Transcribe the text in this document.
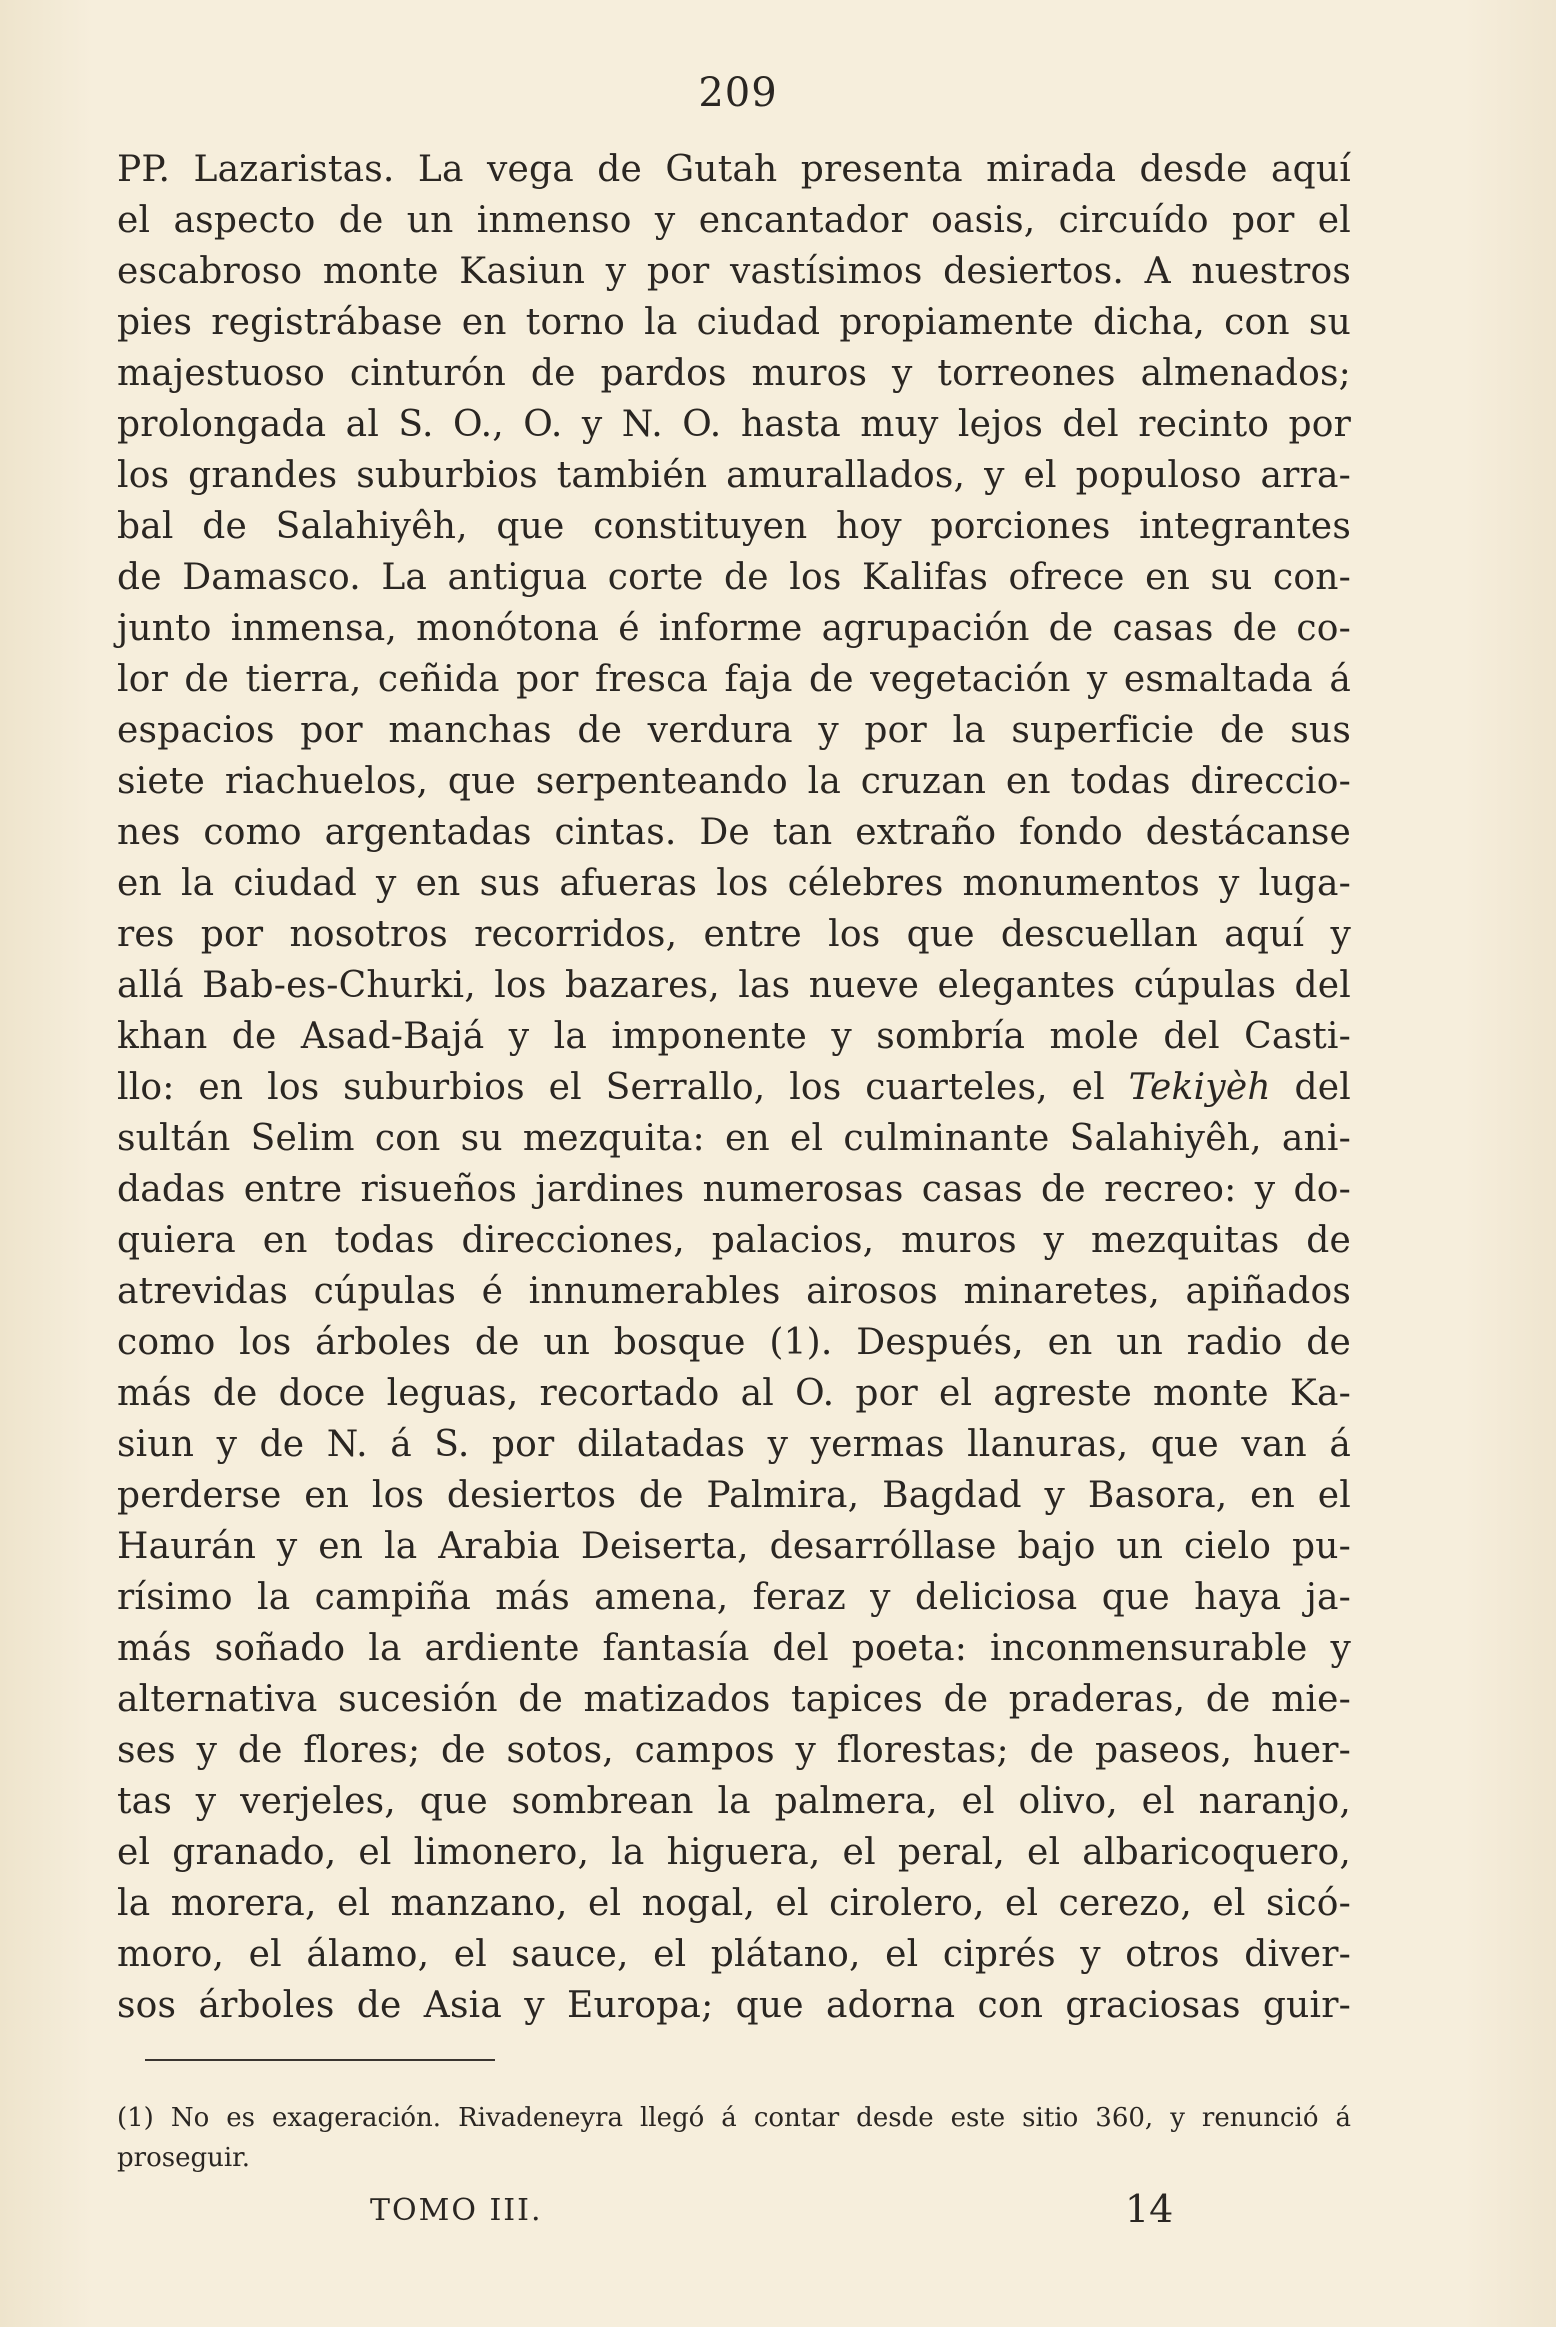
209
PP. Lazaristas. La vega de Gutah presenta mirada desde aquí
el aspecto de un inmenso y encantador oasis, circuído por el
escabroso monte Kasiun y por vastísimos desiertos. A nuestros
pies registrábase en torno la ciudad propiamente dicha, con su
majestuoso cinturón de pardos muros y torreones almenados;
prolongada al S. O., O. y N. O. hasta muy lejos del recinto por
los grandes suburbios también amurallados, y el populoso arra-
bal de Salahiyêh, que constituyen hoy porciones integrantes
de Damasco. La antigua corte de los Kalifas ofrece en su con-
junto inmensa, monótona é informe agrupación de casas de co-
lor de tierra, ceñida por fresca faja de vegetación y esmaltada á
espacios por manchas de verdura y por la superficie de sus
siete riachuelos, que serpenteando la cruzan en todas direccio-
nes como argentadas cintas. De tan extraño fondo destácanse
en la ciudad y en sus afueras los célebres monumentos y luga-
res por nosotros recorridos, entre los que descuellan aquí y
allá Bab-es-Churki, los bazares, las nueve elegantes cúpulas del
khan de Asad-Bajá y la imponente y sombría mole del Casti-
llo: en los suburbios el Serrallo, los cuarteles, el Tekiyèh del
sultán Selim con su mezquita: en el culminante Salahiyêh, ani-
dadas entre risueños jardines numerosas casas de recreo: y do-
quiera en todas direcciones, palacios, muros y mezquitas de
atrevidas cúpulas é innumerables airosos minaretes, apiñados
como los árboles de un bosque (1). Después, en un radio de
más de doce leguas, recortado al O. por el agreste monte Ka-
siun y de N. á S. por dilatadas y yermas llanuras, que van á
perderse en los desiertos de Palmira, Bagdad y Basora, en el
Haurán y en la Arabia Deiserta, desarróllase bajo un cielo pu-
rísimo la campiña más amena, feraz y deliciosa que haya ja-
más soñado la ardiente fantasía del poeta: inconmensurable y
alternativa sucesión de matizados tapices de praderas, de mie-
ses y de flores; de sotos, campos y florestas; de paseos, huer-
tas y verjeles, que sombrean la palmera, el olivo, el naranjo,
el granado, el limonero, la higuera, el peral, el albaricoquero,
la morera, el manzano, el nogal, el cirolero, el cerezo, el sicó-
moro, el álamo, el sauce, el plátano, el ciprés y otros diver-
sos árboles de Asia y Europa; que adorna con graciosas guir-
(1) No es exageración. Rivadeneyra llegó á contar desde este sitio 360, y renunció á
proseguir.
TOMO III.	14
